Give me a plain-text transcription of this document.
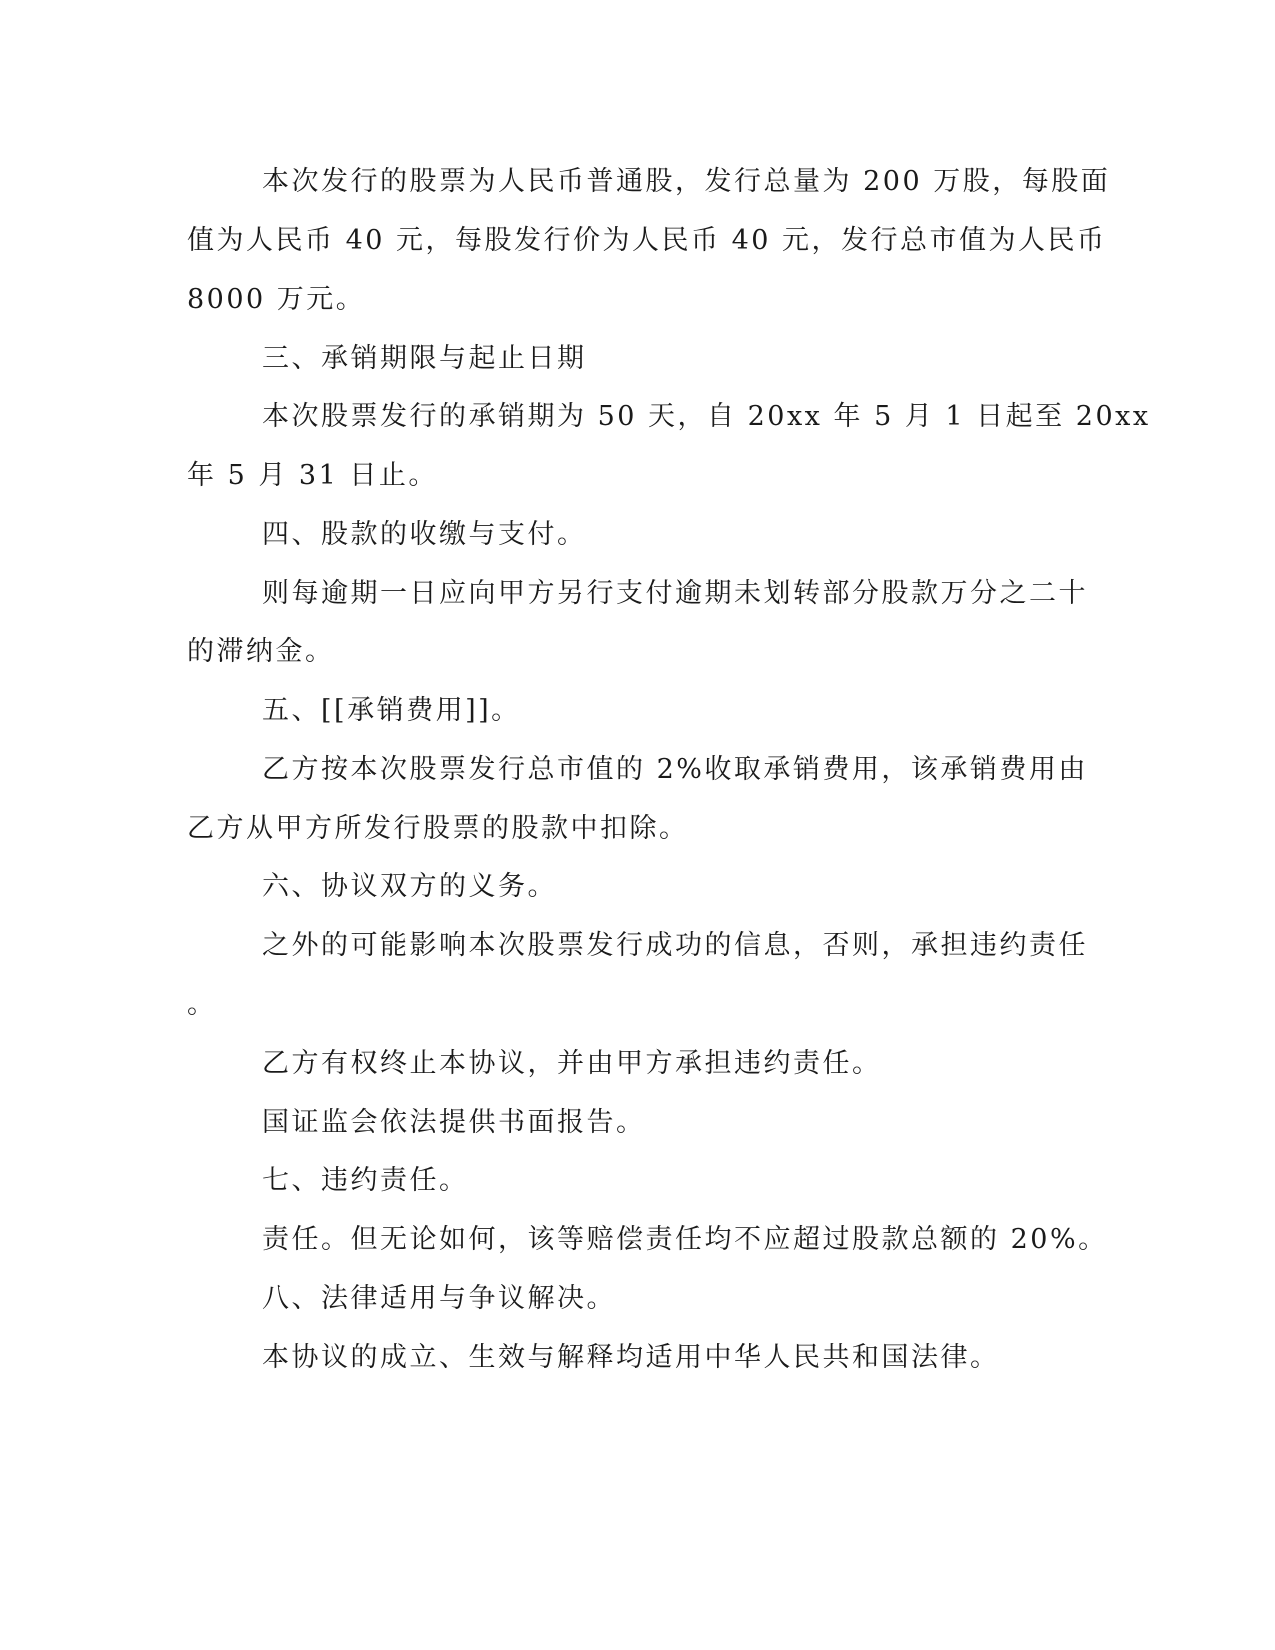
本次发行的股票为人民币普通股，发行总量为 200 万股，每股面
值为人民币 40 元，每股发行价为人民币 40 元，发行总市值为人民币
8000 万元。
三、承销期限与起止日期
本次股票发行的承销期为 50 天，自 20xx 年 5 月 1 日起至 20xx
年 5 月 31 日止。
四、股款的收缴与支付。
则每逾期一日应向甲方另行支付逾期未划转部分股款万分之二十
的滞纳金。
五、[[承销费用]]。
乙方按本次股票发行总市值的 2%收取承销费用，该承销费用由
乙方从甲方所发行股票的股款中扣除。
六、协议双方的义务。
之外的可能影响本次股票发行成功的信息，否则，承担违约责任
。
乙方有权终止本协议，并由甲方承担违约责任。
国证监会依法提供书面报告。
七、违约责任。
责任。但无论如何，该等赔偿责任均不应超过股款总额的 20%。
八、法律适用与争议解决。
本协议的成立、生效与解释均适用中华人民共和国法律。
